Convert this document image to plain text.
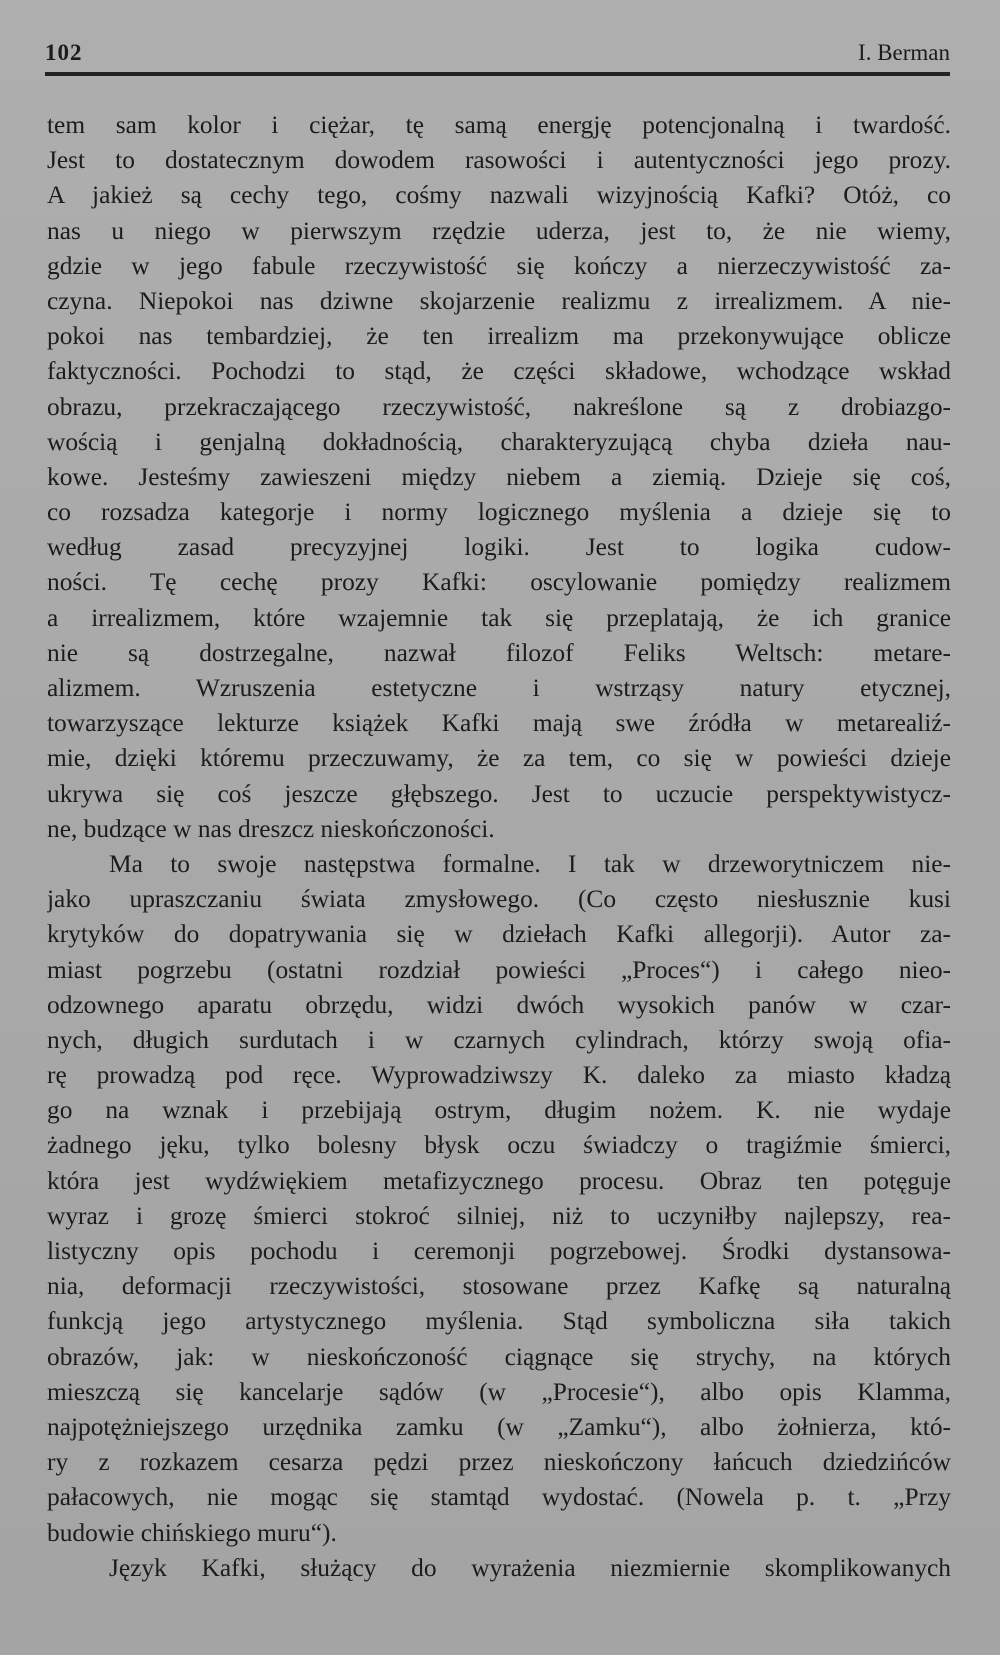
102	I. Berman
tem sam kolor i ciężar, tę samą energję potencjonalną i twardość.
Jest to dostatecznym dowodem rasowości i autentyczności jego prozy.
A jakież są cechy tego, cośmy nazwali wizyjnością Kafki? Otóż, co
nas u niego w pierwszym rzędzie uderza, jest to, że nie wiemy,
gdzie w jego fabule rzeczywistość się kończy a nierzeczywistość za-
czyna. Niepokoi nas dziwne skojarzenie realizmu z irrealizmem. A nie-
pokoi nas tembardziej, że ten irrealizm ma przekonywujące oblicze
faktyczności. Pochodzi to stąd, że części składowe, wchodzące wskład
obrazu, przekraczającego rzeczywistość, nakreślone są z drobiazgo-
wością i genjalną dokładnością, charakteryzującą chyba dzieła nau-
kowe. Jesteśmy zawieszeni między niebem a ziemią. Dzieje się coś,
co rozsadza kategorje i normy logicznego myślenia a dzieje się to
według zasad precyzyjnej logiki. Jest to logika cudow-
ności. Tę cechę prozy Kafki: oscylowanie pomiędzy realizmem
a irrealizmem, które wzajemnie tak się przeplatają, że ich granice
nie są dostrzegalne, nazwał filozof Feliks Weltsch: metare-
alizmem. Wzruszenia estetyczne i wstrząsy natury etycznej,
towarzyszące lekturze książek Kafki mają swe źródła w metarealiź-
mie, dzięki któremu przeczuwamy, że za tem, co się w powieści dzieje
ukrywa się coś jeszcze głębszego. Jest to uczucie perspektywistycz-
ne, budzące w nas dreszcz nieskończoności.
Ma to swoje następstwa formalne. I tak w drzeworytniczem nie-
jako upraszczaniu świata zmysłowego. (Co często niesłusznie kusi
krytyków do dopatrywania się w dziełach Kafki allegorji). Autor za-
miast pogrzebu (ostatni rozdział powieści „Proces“) i całego nieo-
odzownego aparatu obrzędu, widzi dwóch wysokich panów w czar-
nych, długich surdutach i w czarnych cylindrach, którzy swoją ofia-
rę prowadzą pod ręce. Wyprowadziwszy K. daleko za miasto kładzą
go na wznak i przebijają ostrym, długim nożem. K. nie wydaje
żadnego jęku, tylko bolesny błysk oczu świadczy o tragiźmie śmierci,
która jest wydźwiękiem metafizycznego procesu. Obraz ten potęguje
wyraz i grozę śmierci stokroć silniej, niż to uczyniłby najlepszy, rea-
listyczny opis pochodu i ceremonji pogrzebowej. Środki dystansowa-
nia, deformacji rzeczywistości, stosowane przez Kafkę są naturalną
funkcją jego artystycznego myślenia. Stąd symboliczna siła takich
obrazów, jak: w nieskończoność ciągnące się strychy, na których
mieszczą się kancelarje sądów (w „Procesie“), albo opis Klamma,
najpotężniejszego urzędnika zamku (w „Zamku“), albo żołnierza, któ-
ry z rozkazem cesarza pędzi przez nieskończony łańcuch dziedzińców
pałacowych, nie mogąc się stamtąd wydostać. (Nowela p. t. „Przy
budowie chińskiego muru“).
Język Kafki, służący do wyrażenia niezmiernie skomplikowanych
